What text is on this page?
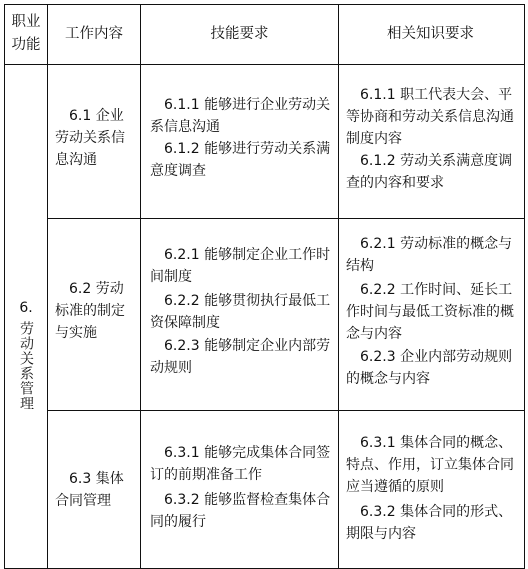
职业功能
工作内容	技能要求	相关知识要求
6.
劳动关系管理
6.1 企业劳动关系信息沟通
6.1.1 能够进行企业劳动关系信息沟通
6.1.2 能够进行劳动关系满意度调查
6.1.1 职工代表大会、平等协商和劳动关系信息沟通制度内容
6.1.2 劳动关系满意度调查的内容和要求
6.2 劳动标准的制定与实施
6.2.1 能够制定企业工作时间制度
6.2.2 能够贯彻执行最低工资保障制度
6.2.3 能够制定企业内部劳动规则
6.2.1 劳动标准的概念与结构
6.2.2 工作时间、延长工作时间与最低工资标准的概念与内容
6.2.3 企业内部劳动规则的概念与内容
6.3 集体合同管理
6.3.1 能够完成集体合同签订的前期准备工作
6.3.2 能够监督检查集体合同的履行
6.3.1 集体合同的概念、特点、作用，订立集体合同应当遵循的原则
6.3.2 集体合同的形式、期限与内容
